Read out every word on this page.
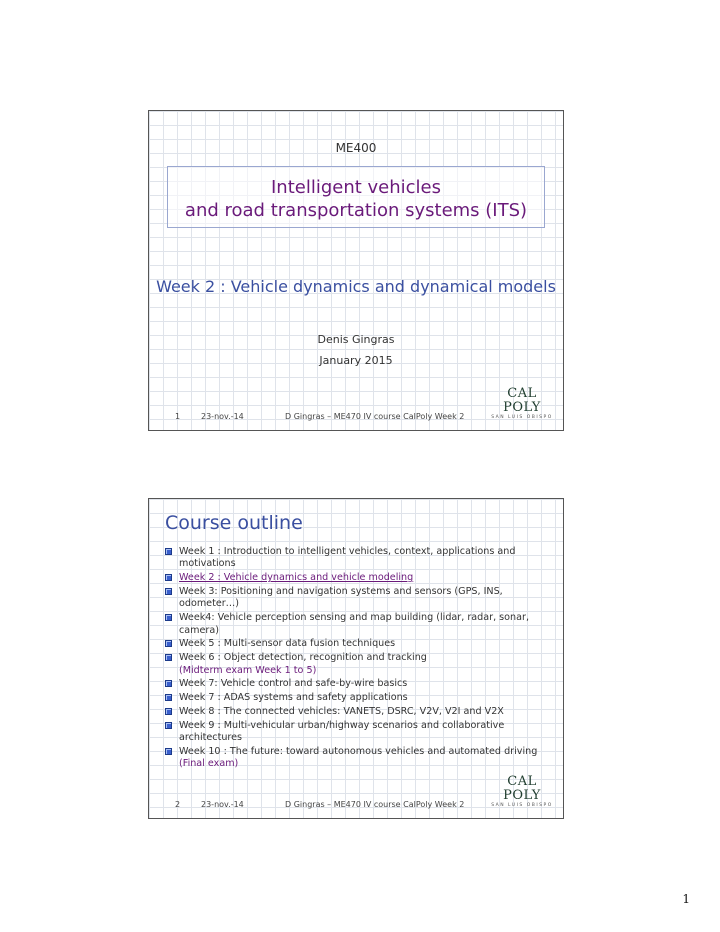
ME400
Intelligent vehicles
and road transportation systems (ITS)
Week 2 : Vehicle dynamics and dynamical models
Denis Gingras
January 2015
1	23-nov.-14	D Gingras – ME470 IV course CalPoly Week 2
CAL POLY
SAN LUIS OBISPO
Course outline
Week 1 : Introduction to intelligent vehicles, context, applications and motivations
Week 2 : Vehicle dynamics and vehicle modeling
Week 3: Positioning and navigation systems and sensors (GPS, INS, odometer…)
Week4: Vehicle perception sensing and map building (lidar, radar, sonar, camera)
Week 5 : Multi-sensor data fusion techniques
Week 6 : Object detection, recognition and tracking
(Midterm exam Week 1 to 5)
Week 7: Vehicle control and safe-by-wire basics
Week 7 : ADAS systems and safety applications
Week 8 : The connected vehicles: VANETS, DSRC, V2V, V2I and V2X
Week 9 : Multi-vehicular urban/highway scenarios and collaborative architectures
Week 10 : The future: toward autonomous vehicles and automated driving
(Final exam)
2	23-nov.-14	D Gingras – ME470 IV course CalPoly Week 2
CAL POLY
SAN LUIS OBISPO
1
